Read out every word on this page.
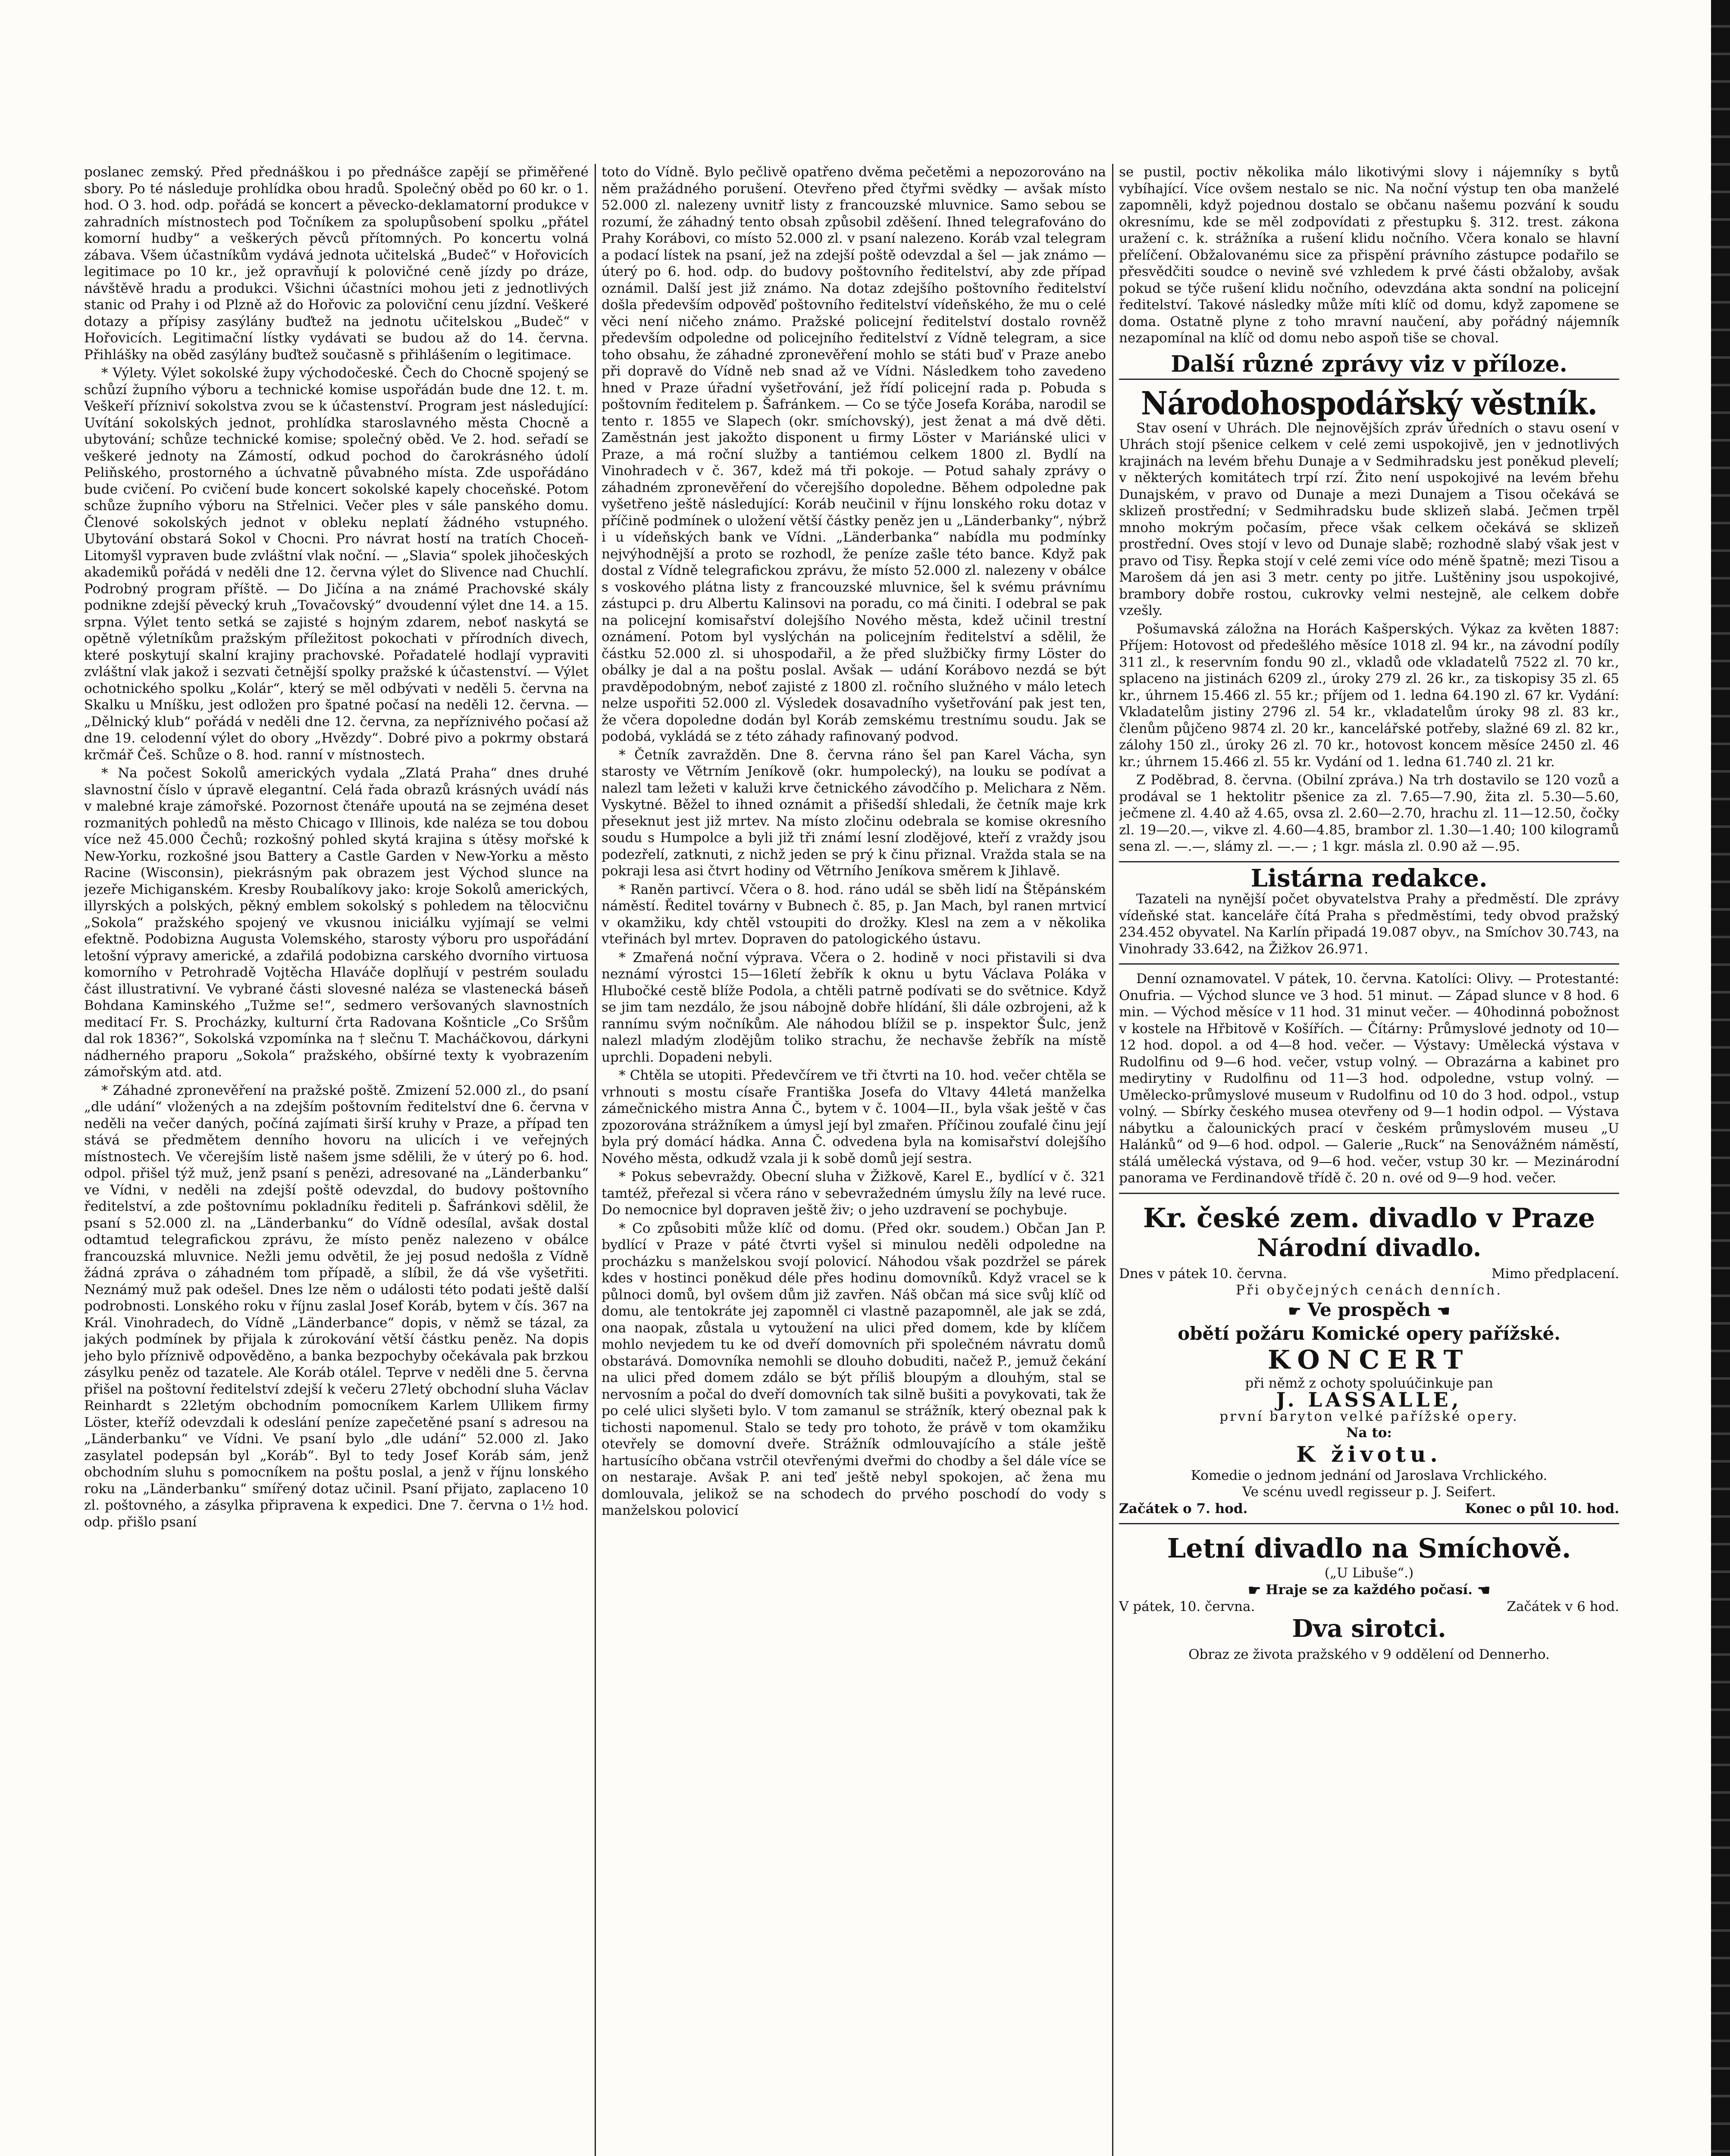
poslanec zemský. Před přednáškou i po přednášce zapějí se přiměřené sbory. Po té následuje prohlídka obou hradů. Společný oběd po 60 kr. o 1. hod. O 3. hod. odp. pořádá se koncert a pěvecko-deklamatorní produkce v zahradních místnostech pod Točníkem za spolupůsobení spolku „přátel komorní hudby“ a veškerých pěvců přítomných. Po koncertu volná zábava. Všem účastníkům vydává jednota učitelská „Budeč“ v Hořovicích legitimace po 10 kr., jež opravňují k polovičné ceně jízdy po dráze, návštěvě hradu a produkci. Všichni účastníci mohou jeti z jednotlivých stanic od Prahy i od Plzně až do Hořovic za poloviční cenu jízdní. Veškeré dotazy a přípisy zasýlány buďtež na jednotu učitelskou „Budeč“ v Hořovicích. Legitimační lístky vydávati se budou až do 14. června. Přihlášky na oběd zasýlány buďtež současně s přihlášením o legitimace.

* Výlety. Výlet sokolské župy východočeské. Čech do Chocně spojený se schůzí župního výboru a technické komise uspořádán bude dne 12. t. m. Veškeří přízniví sokolstva zvou se k účastenství. Program jest následující: Uvítání sokolských jednot, prohlídka staroslavného města Chocně a ubytování; schůze technické komise; společný oběd. Ve 2. hod. seřadí se veškeré jednoty na Zámostí, odkud pochod do čarokrásného údolí Peliňského, prostorného a úchvatně půvabného místa. Zde uspořádáno bude cvičení. Po cvičení bude koncert sokolské kapely choceňské. Potom schůze župního výboru na Střelnici. Večer ples v sále panského domu. Členové sokolských jednot v obleku neplatí žádného vstupného. Ubytování obstará Sokol v Chocni. Pro návrat hostí na tratích Choceň-Litomyšl vypraven bude zvláštní vlak noční. — „Slavia“ spolek jihočeských akademiků pořádá v neděli dne 12. června výlet do Slivence nad Chuchlí. Podrobný program příště. — Do Jičína a na známé Prachovské skály podnikne zdejší pěvecký kruh „Tovačovský“ dvoudenní výlet dne 14. a 15. srpna. Výlet tento setká se zajisté s hojným zdarem, neboť naskytá se opětně výletníkům pražským příležitost pokochati v přírodních divech, které poskytují skalní krajiny prachovské. Pořadatelé hodlají vypraviti zvláštní vlak jakož i sezvati četnější spolky pražské k účastenství. — Výlet ochotnického spolku „Kolár“, který se měl odbývati v neděli 5. června na Skalku u Mníšku, jest odložen pro špatné počasí na neděli 12. června. — „Dělnický klub“ pořádá v neděli dne 12. června, za nepříznivého počasí až dne 19. celodenní výlet do obory „Hvězdy“. Dobré pivo a pokrmy obstará krčmář Češ. Schůze o 8. hod. ranní v místnostech.

* Na počest Sokolů amerických vydala „Zlatá Praha“ dnes druhé slavnostní číslo v úpravě elegantní. Celá řada obrazů krásných uvádí nás v malebné kraje zámořské. Pozornost čtenáře upoutá na se zejména deset rozmanitých pohledů na město Chicago v Illinois, kde naléza se tou dobou více než 45.000 Čechů; rozkošný pohled skytá krajina s útěsy mořské k New-Yorku, rozkošné jsou Battery a Castle Garden v New-Yorku a město Racine (Wisconsin), piekrásným pak obrazem jest Východ slunce na jezeře Michiganském. Kresby Roubalíkovy jako: kroje Sokolů amerických, illyrských a polských, pěkný emblem sokolský s pohledem na tělocvičnu „Sokola“ pražského spojený ve vkusnou iniciálku vyjímají se velmi efektně. Podobizna Augusta Volemského, starosty výboru pro uspořádání letošní výpravy americké, a zdařilá podobizna carského dvorního virtuosa komorního v Petrohradě Vojtěcha Hlaváče doplňují v pestrém souladu část illustrativní. Ve vybrané části slovesné naléza se vlastenecká báseň Bohdana Kaminského „Tužme se!“, sedmero veršovaných slavnostních meditací Fr. S. Procházky, kulturní črta Radovana Košnticle „Co Sršům dal rok 1836?“, Sokolská vzpomínka na † slečnu T. Macháčkovou, dárkyni nádherného praporu „Sokola“ pražského, obšírné texty k vyobrazením zámořským atd. atd.

* Záhadné zpronevěření na pražské poště. Zmizení 52.000 zl., do psaní „dle udání“ vložených a na zdejším poštovním ředitelství dne 6. června v neděli na večer daných, počíná zajímati širší kruhy v Praze, a případ ten stává se předmětem denního hovoru na ulicích i ve veřejných místnostech. Ve včerejším listě našem jsme sdělili, že v úterý po 6. hod. odpol. přišel týž muž, jenž psaní s penězi, adresované na „Länderbanku“ ve Vídni, v neděli na zdejší poště odevzdal, do budovy poštovního ředitelství, a zde poštovnímu pokladníku řediteli p. Šafránkovi sdělil, že psaní s 52.000 zl. na „Länderbanku“ do Vídně odesílal, avšak dostal odtamtud telegrafickou zprávu, že místo peněz nalezeno v obálce francouzská mluvnice. Nežli jemu odvětil, že jej posud nedošla z Vídně žádná zpráva o záhadném tom případě, a slíbil, že dá vše vyšetřiti. Neznámý muž pak odešel. Dnes lze něm o události této podati ještě další podrobnosti. Lonského roku v říjnu zaslal Josef Koráb, bytem v čís. 367 na Král. Vinohradech, do Vídně „Länderbance“ dopis, v němž se tázal, za jakých podmínek by přijala k zúrokování větší částku peněz. Na dopis jeho bylo příznivě odpověděno, a banka bezpochyby očekávala pak brzkou zásylku peněz od tazatele. Ale Koráb otálel. Teprve v neděli dne 5. června přišel na poštovní ředitelství zdejší k večeru 27letý obchodní sluha Václav Reinhardt s 22letým obchodním pomocníkem Karlem Ullikem firmy Löster, kteříž odevzdali k odeslání peníze zapečetěné psaní s adresou na „Länderbanku“ ve Vídni. Ve psaní bylo „dle udání“ 52.000 zl. Jako zasylatel podepsán byl „Koráb“. Byl to tedy Josef Koráb sám, jenž obchodním sluhu s pomocníkem na poštu poslal, a jenž v říjnu lonského roku na „Länderbanku“ smířený dotaz učinil. Psaní přijato, zaplaceno 10 zl. poštovného, a zásylka připravena k expedici. Dne 7. června o 1½ hod. odp. přišlo psaní

toto do Vídně. Bylo pečlivě opatřeno dvěma pečetěmi a nepozorováno na něm pražádného porušení. Otevřeno před čtyřmi svědky — avšak místo 52.000 zl. nalezeny uvnitř listy z francouzské mluvnice. Samo sebou se rozumí, že záhadný tento obsah způsobil zděšení. Ihned telegrafováno do Prahy Korábovi, co místo 52.000 zl. v psaní nalezeno. Koráb vzal telegram a podací lístek na psaní, jež na zdejší poště odevzdal a šel — jak známo — úterý po 6. hod. odp. do budovy poštovního ředitelství, aby zde případ oznámil. Další jest již známo. Na dotaz zdejšího poštovního ředitelství došla především odpověď poštovního ředitelství vídeňského, že mu o celé věci není ničeho známo. Pražské policejní ředitelství dostalo rovněž především odpoledne od policejního ředitelství z Vídně telegram, a sice toho obsahu, že záhadné zpronevěření mohlo se státi buď v Praze anebo při dopravě do Vídně neb snad až ve Vídni. Následkem toho zavedeno hned v Praze úřadní vyšetřování, jež řídí policejní rada p. Pobuda s poštovním ředitelem p. Šafránkem. — Co se týče Josefa Korába, narodil se tento r. 1855 ve Slapech (okr. smíchovský), jest ženat a má dvě děti. Zaměstnán jest jakožto disponent u firmy Löster v Mariánské ulici v Praze, a má roční služby a tantiémou celkem 1800 zl. Bydlí na Vinohradech v č. 367, kdež má tři pokoje. — Potud sahaly zprávy o záhadném zpronevěření do včerejšího dopoledne. Během odpoledne pak vyšetřeno ještě následující: Koráb neučinil v říjnu lonského roku dotaz v příčině podmínek o uložení větší částky peněz jen u „Länderbanky“, nýbrž i u vídeňských bank ve Vídni. „Länderbanka“ nabídla mu podmínky nejvýhodnější a proto se rozhodl, že peníze zašle této bance. Když pak dostal z Vídně telegrafickou zprávu, že místo 52.000 zl. nalezeny v obálce s voskového plátna listy z francouzské mluvnice, šel k svému právnímu zástupci p. dru Albertu Kalinsovi na poradu, co má činiti. I odebral se pak na policejní komisařství dolejšího Nového města, kdež učinil trestní oznámení. Potom byl vyslýchán na policejním ředitelství a sdělil, že částku 52.000 zl. si uhospodařil, a že před službičky firmy Löster do obálky je dal a na poštu poslal. Avšak — udání Korábovo nezdá se být pravděpodobným, neboť zajisté z 1800 zl. ročního služného v málo letech nelze uspořiti 52.000 zl. Výsledek dosavadního vyšetřování pak jest ten, že včera dopoledne dodán byl Koráb zemskému trestnímu soudu. Jak se podobá, vykládá se z této záhady rafinovaný podvod.

* Četník zavražděn. Dne 8. června ráno šel pan Karel Vácha, syn starosty ve Větrním Jeníkově (okr. humpolecký), na louku se podívat a nalezl tam ležeti v kaluži krve četnického závodčího p. Melichara z Něm. Vyskytné. Běžel to ihned oznámit a přišedší shledali, že četník maje krk přeseknut jest již mrtev. Na místo zločinu odebrala se komise okresního soudu s Humpolce a byli již tři známí lesní zlodějové, kteří z vraždy jsou podezřelí, zatknuti, z nichž jeden se prý k činu přiznal. Vražda stala se na pokraji lesa asi čtvrt hodiny od Větrního Jeníkova směrem k Jihlavě.

* Raněn partivcí. Včera o 8. hod. ráno udál se sběh lidí na Štěpánském náměstí. Ředitel továrny v Bubnech č. 85, p. Jan Mach, byl ranen mrtvicí v okamžiku, kdy chtěl vstoupiti do drožky. Klesl na zem a v několika vteřinách byl mrtev. Dopraven do patologického ústavu.

* Zmařená noční výprava. Včera o 2. hodině v noci přistavili si dva neznámí výrostci 15—16letí žebřík k oknu u bytu Václava Poláka v Hlubočké cestě blíže Podola, a chtěli patrně podívati se do světnice. Když se jim tam nezdálo, že jsou nábojně dobře hlídání, šli dále ozbrojeni, až k rannímu svým nočníkům. Ale náhodou blížil se p. inspektor Šulc, jenž nalezl mladým zlodějům toliko strachu, že nechavše žebřík na místě uprchli. Dopadeni nebyli.

* Chtěla se utopiti. Předevčírem ve tři čtvrti na 10. hod. večer chtěla se vrhnouti s mostu císaře Františka Josefa do Vltavy 44letá manželka zámečnického mistra Anna Č., bytem v č. 1004—II., byla však ještě v čas zpozorována strážníkem a úmysl její byl zmařen. Příčinou zoufalé činu její byla prý domácí hádka. Anna Č. odvedena byla na komisařství dolejšího Nového města, odkudž vzala ji k sobě domů její sestra.

* Pokus sebevraždy. Obecní sluha v Žižkově, Karel E., bydlící v č. 321 tamtéž, přeřezal si včera ráno v sebevražedném úmyslu žíly na levé ruce. Do nemocnice byl dopraven ještě živ; o jeho uzdravení se pochybuje.

* Co způsobiti může klíč od domu. (Před okr. soudem.) Občan Jan P. bydlící v Praze v páté čtvrti vyšel si minulou neděli odpoledne na procházku s manželskou svojí polovicí. Náhodou však pozdržel se párek kdes v hostinci poněkud déle přes hodinu domovníků. Když vracel se k půlnoci domů, byl ovšem dům již zavřen. Náš občan má sice svůj klíč od domu, ale tentokráte jej zapomněl ci vlastně pazapomněl, ale jak se zdá, ona naopak, zůstala u vytoužení na ulici před domem, kde by klíčem mohlo nevjedem tu ke od dveří domovních při společném návratu domů obstarává. Domovníka nemohli se dlouho dobuditi, načež P., jemuž čekání na ulici před domem zdálo se být příliš bloupým a dlouhým, stal se nervosním a počal do dveří domovních tak silně bušiti a povykovati, tak že po celé ulici slyšeti bylo. V tom zamanul se strážník, který obeznal pak k tichosti napomenul. Stalo se tedy pro tohoto, že právě v tom okamžiku otevřely se domovní dveře. Strážník odmlouvajícího a stále ještě hartusícího občana vstrčil otevřenými dveřmi do chodby a šel dále více se on nestaraje. Avšak P. ani teď ještě nebyl spokojen, ač žena mu domlouvala, jelikož se na schodech do prvého poschodí do vody s manželskou polovicí

se pustil, poctiv několika málo likotivými slovy i nájemníky s bytů vybíhající. Více ovšem nestalo se nic. Na noční výstup ten oba manželé zapomněli, když pojednou dostalo se občanu našemu pozvání k soudu okresnímu, kde se měl zodpovídati z přestupku §. 312. trest. zákona uražení c. k. strážníka a rušení klidu nočního. Včera konalo se hlavní přelíčení. Obžalovanému sice za přispění právního zástupce podařilo se přesvědčiti soudce o nevině své vzhledem k prvé části obžaloby, avšak pokud se týče rušení klidu nočního, odevzdána akta sondní na policejní ředitelství. Takové následky může míti klíč od domu, když zapomene se doma. Ostatně plyne z toho mravní naučení, aby pořádný nájemník nezapomínal na klíč od domu nebo aspoň tiše se choval.

Další různé zprávy viz v příloze.
Národohospodářský věstník.

Stav osení v Uhrách. Dle nejnovějších zpráv úředních o stavu osení v Uhrách stojí pšenice celkem v celé zemi uspokojivě, jen v jednotlivých krajinách na levém břehu Dunaje a v Sedmihradsku jest poněkud plevelí; v některých komitátech trpí rzí. Žito není uspokojivé na levém břehu Dunajském, v pravo od Dunaje a mezi Dunajem a Tisou očekává se sklizeň prostřední; v Sedmihradsku bude sklizeň slabá. Ječmen trpěl mnoho mokrým počasím, přece však celkem očekává se sklizeň prostřední. Oves stojí v levo od Dunaje slabě; rozhodně slabý však jest v pravo od Tisy. Řepka stojí v celé zemi více odo méně špatně; mezi Tisou a Marošem dá jen asi 3 metr. centy po jitře. Luštěniny jsou uspokojivé, brambory dobře rostou, cukrovky velmi nestejně, ale celkem dobře vzešly.

Pošumavská záložna na Horách Kašperských. Výkaz za květen 1887: Příjem: Hotovost od předešlého měsíce 1018 zl. 94 kr., na závodní podíly 311 zl., k reservním fondu 90 zl., vkladů ode vkladatelů 7522 zl. 70 kr., splaceno na jistinách 6209 zl., úroky 279 zl. 26 kr., za tiskopisy 35 zl. 65 kr., úhrnem 15.466 zl. 55 kr.; příjem od 1. ledna 64.190 zl. 67 kr. Vydání: Vkladatelům jistiny 2796 zl. 54 kr., vkladatelům úroky 98 zl. 83 kr., členům půjčeno 9874 zl. 20 kr., kancelářské potřeby, slažné 69 zl. 82 kr., zálohy 150 zl., úroky 26 zl. 70 kr., hotovost koncem měsíce 2450 zl. 46 kr.; úhrnem 15.466 zl. 55 kr. Vydání od 1. ledna 61.740 zl. 21 kr.

Z Poděbrad, 8. června. (Obilní zpráva.) Na trh dostavilo se 120 vozů a prodával se 1 hektolitr pšenice za zl. 7.65—7.90, žita zl. 5.30—5.60, ječmene zl. 4.40 až 4.65, ovsa zl. 2.60—2.70, hrachu zl. 11—12.50, čočky zl. 19—20.—, vikve zl. 4.60—4.85, brambor zl. 1.30—1.40; 100 kilogramů sena zl. —.—, slámy zl. —.— ; 1 kgr. másla zl. 0.90 až —.95.

Listárna redakce.

Tazateli na nynější počet obyvatelstva Prahy a předměstí. Dle zprávy vídeňské stat. kanceláře čítá Praha s předměstími, tedy obvod pražský 234.452 obyvatel. Na Karlín připadá 19.087 obyv., na Smíchov 30.743, na Vinohrady 33.642, na Žižkov 26.971.

Denní oznamovatel. V pátek, 10. června. Katolíci: Olivy. — Protestanté: Onufria. — Východ slunce ve 3 hod. 51 minut. — Západ slunce v 8 hod. 6 min. — Východ měsíce v 11 hod. 31 minut večer. — 40hodinná pobožnost v kostele na Hřbitově v Košířích. — Čítárny: Průmyslové jednoty od 10—12 hod. dopol. a od 4—8 hod. večer. — Výstavy: Umělecká výstava v Rudolfinu od 9—6 hod. večer, vstup volný. — Obrazárna a kabinet pro medirytiny v Rudolfinu od 11—3 hod. odpoledne, vstup volný. — Umělecko-průmyslové museum v Rudolfinu od 10 do 3 hod. odpol., vstup volný. — Sbírky českého musea otevřeny od 9—1 hodin odpol. — Výstava nábytku a čalounických prací v českém průmyslovém museu „U Halánků“ od 9—6 hod. odpol. — Galerie „Ruck“ na Senovážném náměstí, stálá umělecká výstava, od 9—6 hod. večer, vstup 30 kr. — Mezinárodní panorama ve Ferdinandově třídě č. 20 n. ové od 9—9 hod. večer.

Kr. české zem. divadlo v Praze
Národní divadlo.
Dnes v pátek 10. června.	Mimo předplacení.
Při obyčejných cenách denních.
☛ Ve prospěch ☚
obětí požáru Komické opery pařížské.
KONCERT
při němž z ochoty spoluúčinkuje pan
J. LASSALLE,
první baryton velké pařížské opery.
Na to:
K životu.
Komedie o jednom jednání od Jaroslava Vrchlického.
Ve scénu uvedl regisseur p. J. Seifert.
Začátek o 7. hod.	Konec o půl 10. hod.
Letní divadlo na Smíchově.
(„U Libuše“.)
☛ Hraje se za každého počasí. ☚
V pátek, 10. června.	Začátek v 6 hod.
Dva sirotci.
Obraz ze života pražského v 9 oddělení od Dennerho.
